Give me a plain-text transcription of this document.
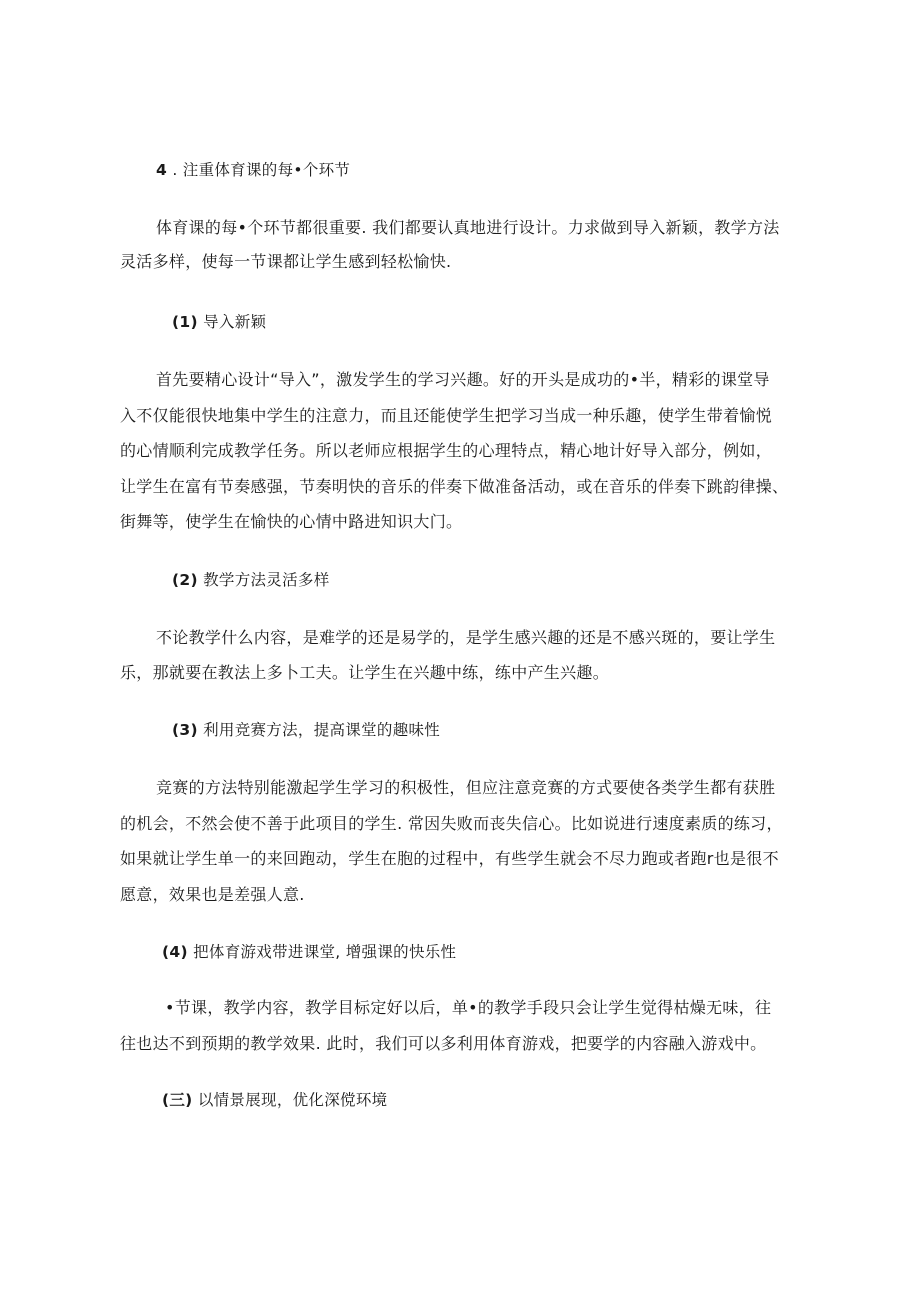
4 . 注重体育课的每•个环节
体育课的每•个环节都很重要. 我们都要认真地进行设计。力求做到导入新颖，教学方法
灵活多样，使每一节课都让学生感到轻松愉快.
(1) 导入新颖
首先要精心设计“导入”，激发学生的学习兴趣。好的开头是成功的•半，精彩的课堂导
入不仅能很快地集中学生的注意力，而且还能使学生把学习当成一种乐趣，使学生带着愉悦
的心情顺利完成教学任务。所以老师应根据学生的心理特点，精心地计好导入部分，例如，
让学生在富有节奏感强，节奏明快的音乐的伴奏下做准备活动，或在音乐的伴奏下跳韵律操、
街舞等，使学生在愉快的心情中路进知识大门。
(2) 教学方法灵活多样
不论教学什么内容，是难学的还是易学的，是学生感兴趣的还是不感兴斑的，要让学生
乐，那就要在教法上多卜工夫。让学生在兴趣中练，练中产生兴趣。
(3) 利用竞赛方法，提高课堂的趣味性
竞赛的方法特别能激起学生学习的积极性，但应注意竞赛的方式要使各类学生都有获胜
的机会，不然会使不善于此项目的学生. 常因失败而丧失信心。比如说进行速度素质的练习，
如果就让学生单一的来回跑动，学生在胞的过程中，有些学生就会不尽力跑或者跑r也是很不
愿意，效果也是差强人意.
(4) 把体育游戏带进课堂, 增强课的快乐性
•节课，教学内容，教学目标定好以后，单•的教学手段只会让学生觉得枯燥无味，往
往也达不到预期的教学效果. 此时，我们可以多利用体育游戏，把要学的内容融入游戏中。
(三) 以情景展现，优化深傥环境
